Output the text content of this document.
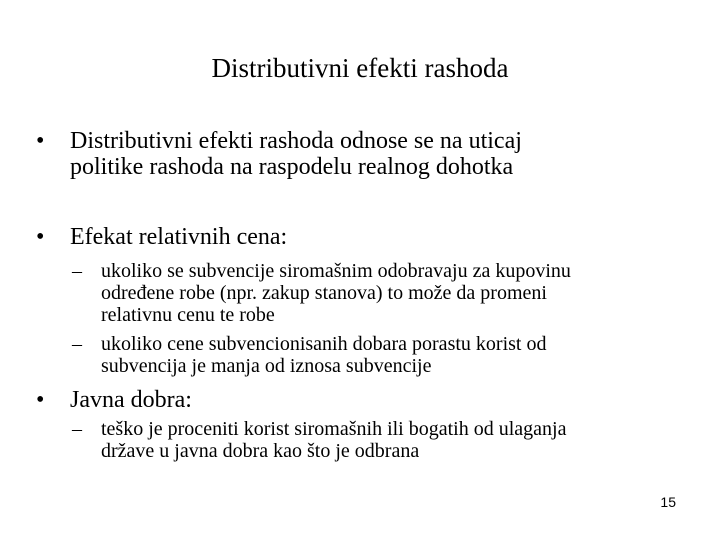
Distributivni efekti rashoda
•	Distributivni efekti rashoda odnose se na uticaj
politike rashoda na raspodelu realnog dohotka
•	Efekat relativnih cena:
– ukoliko se subvencije siromašnim odobravaju za kupovinu
određene robe (npr. zakup stanova) to može da promeni
relativnu cenu te robe
– ukoliko cene subvencionisanih dobara porastu korist od
subvencija je manja od iznosa subvencije
•	Javna dobra:
– teško je proceniti korist siromašnih ili bogatih od ulaganja
države u javna dobra kao što je odbrana
15
